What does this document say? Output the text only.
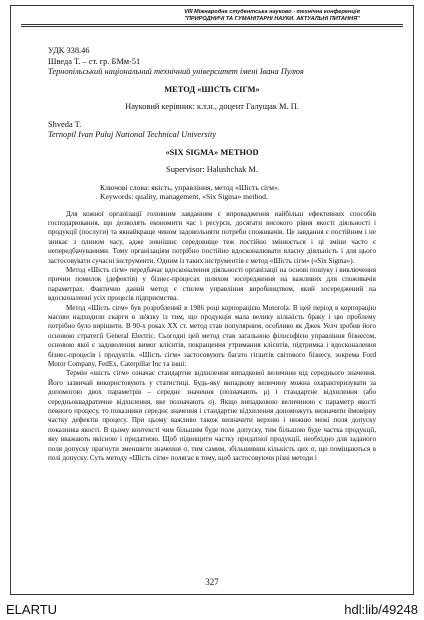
VIII Міжнародна студентська науково - технічна конференція
"ПРИРОДНИЧІ ТА ГУМАНІТАРНІ НАУКИ. АКТУАЛЬНІ ПИТАННЯ"
УДК 338.46
Шведа Т. – ст. гр. БМм-51
Тернопільський національний технічний університет імені Івана Пулюя
МЕТОД «ШІСТЬ СІГМ»
Науковий керівник: к.т.н., доцент Галущак М. П.
Shveda T.
Ternopil Ivan Puluj National Technical University
«SIX SIGMA» METHOD
Supervisor: Halushchak M.
Ключові слова: якість, управління, метод «Шість сігм».
Keywords: quality, management, «Six Sigma» method.

Для кожної організації головним завданням є впровадження найбільш ефективних способів господарювання, що дозволять економити час і ресурси, досягати високого рівня якості діяльності і продукції (послуги) та якнайкраще чином задовольняти потреби споживачів. Це завдання є постійним і не зникає з плином часу, адже зовнішнє середовище теж постійно змінюється і ці зміни часто є непередбачуваними. Тому організаціям потрібно постійно вдосконалювати власну діяльність і для цього застосовувати сучасні інструменти. Одним із таких інструментів є метод «Шість сігм» («Six Sigma»).

Метод «Шість сігм» передбачає вдосконалення діяльності організації на основі пошуку і виключення причин помилок (дефектів) у бізнес-процесах шляхом зосередження на важливих для споживачів параметрах. Фактично даний метод є стилем управління виробництвом, який зосереджений на вдосконаленні усіх процесів підприємства.

Метод «Шість сігм» був розроблений в 1986 році корпорацією Motorola. В цей період в корпорацію масово надходили скарги в зв'язку із тим, що продукція мала велику кількість браку і цю проблему потрібно було вирішити. В 90-х роках XX ст. метод став популярним, особливо як Джек Уелч зробив його основою стратегії General Electric. Сьогодні цей метод став загальною філософією управління бізнесом, основою якої є задоволення вимог клієнтів, покращення утримання клієнтів, підтримка і вдосконалення бізнес-процесів і продуктів. «Шість сігм» застосовують багато гігантів світового бізнесу, зокрема Ford Motor Company, FedEx, Caterpillar Inc та інші.

Термін «шість сігм» означає стандартне відхилення випадкової величини від середнього значення. Його зазвичай використовують у статистиці. Будь-яку випадкову величину можна охарактеризувати за допомогою двох параметрів – середнє значення (позначають μ) і стандартне відхилення (або середньоквадратичне відхилення, яке позначають σ). Якщо випадковою величиною є параметр якості певного процесу, то показники середнє значення і стандартне відхилення допоможуть визначити ймовірну частку дефектів процесу. При цьому важливо також визначити верхню і нижню межі поля допуску показника якості. В цьому контексті чим більшим буде поле допуску, тим більшою буде частка продукції, яку вважають якісною і придатною. Щоб підвищити частку придатної продукції, необхідно для заданого поля допуску прагнути зменшити значення σ, тим самим, збільшивши кількість цих σ, що поміщаються в полі допуску. Суть методу «Шість сігм» полягає в тому, щоб застосовуючи різні методи і

327
ELARTU	hdl:lib/49248
